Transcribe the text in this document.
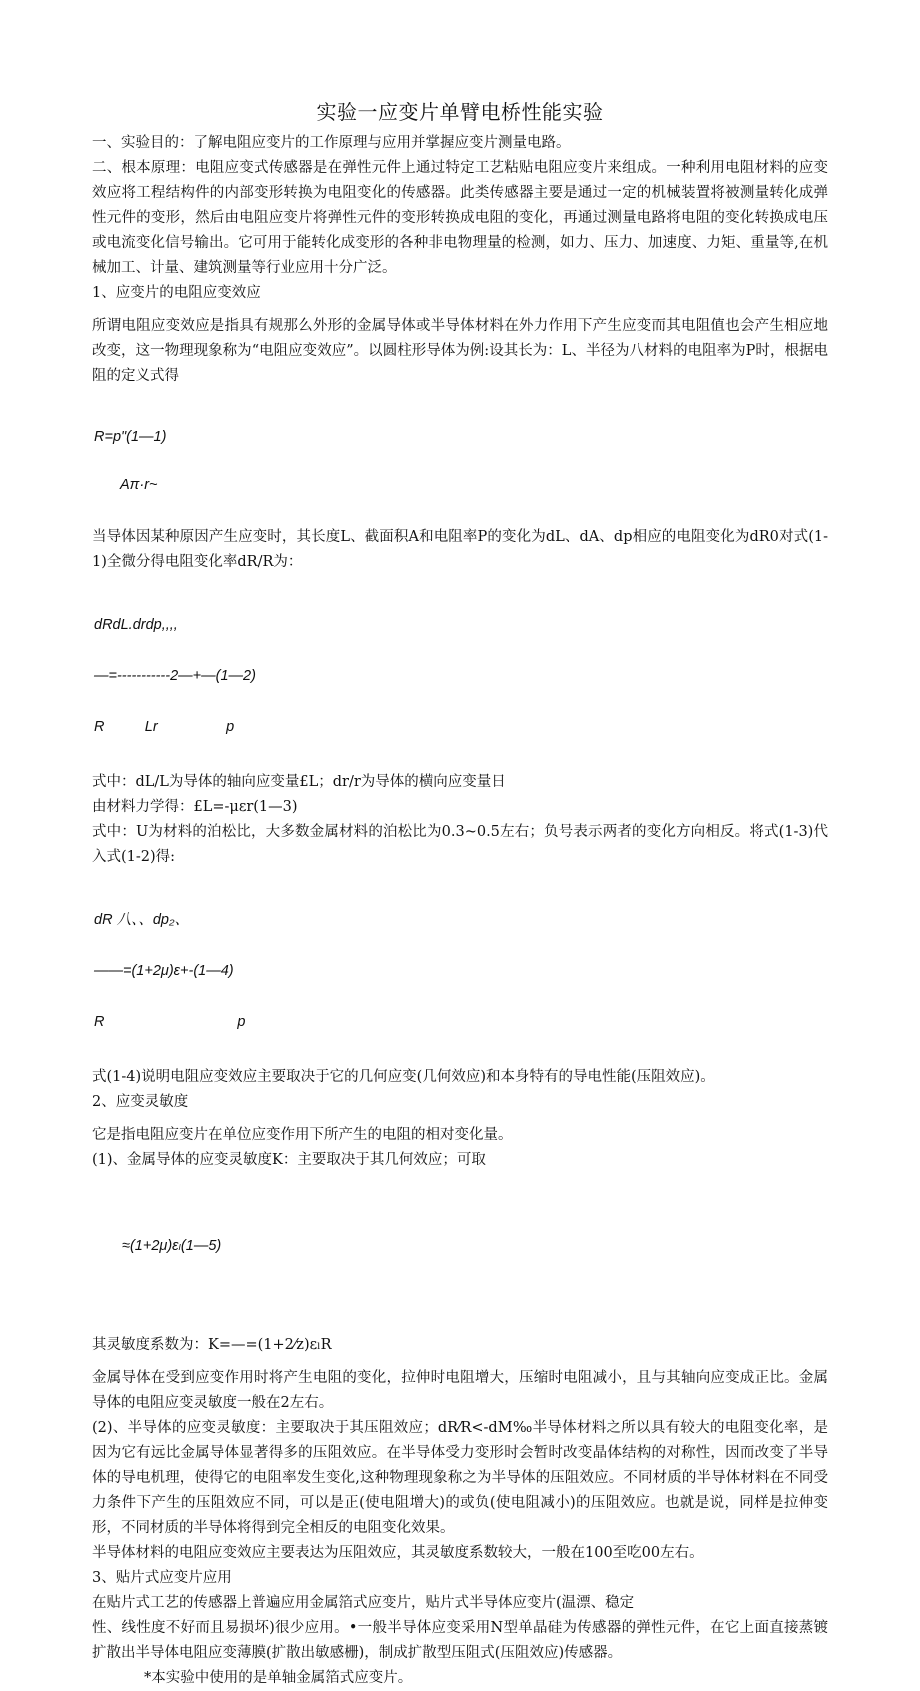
实验一应变片单臂电桥性能实验

一、实验目的：了解电阻应变片的工作原理与应用并掌握应变片测量电路。

二、根本原理：电阻应变式传感器是在弹性元件上通过特定工艺粘贴电阻应变片来组成。一种利用电阻材料的应变效应将工程结构件的内部变形转换为电阻变化的传感器。此类传感器主要是通过一定的机械装置将被测量转化成弹性元件的变形，然后由电阻应变片将弹性元件的变形转换成电阻的变化，再通过测量电路将电阻的变化转换成电压或电流变化信号输出。它可用于能转化成变形的各种非电物理量的检测，如力、压力、加速度、力矩、重量等,在机械加工、计量、建筑测量等行业应用十分广泛。

1、应变片的电阻应变效应

所谓电阻应变效应是指具有规那么外形的金属导体或半导体材料在外力作用下产生应变而其电阻值也会产生相应地改变，这一物理现象称为“电阻应变效应”。以圆柱形导体为例:设其长为：L、半径为八材料的电阻率为P时，根据电阻的定义式得

R=p"(1—1)

Aπ·r~

当导体因某种原因产生应变时，其长度L、截面积A和电阻率P的变化为dL、dA、dp相应的电阻变化为dR0对式(1-1)全微分得电阻变化率dR/R为：

dRdL.drdp,,,,

—=-----------2—+—(1—2)

R          Lr                 p

式中：dL/L为导体的轴向应变量£L；dr/r为导体的横向应变量日

由材料力学得：£L=-μεr(1—3)

式中：U为材料的泊松比，大多数金属材料的泊松比为0.3~0.5左右；负号表示两者的变化方向相反。将式(1-3)代入式(1-2)得:

dR 八、、dp₂、

——=(1+2μ)ε+-(1—4)

R                                 p

式(1-4)说明电阻应变效应主要取决于它的几何应变(几何效应)和本身特有的导电性能(压阻效应)。

2、应变灵敏度

它是指电阻应变片在单位应变作用下所产生的电阻的相对变化量。

(1)、金属导体的应变灵敏度K：主要取决于其几何效应；可取

≈(1+2μ)εₗ(1—5)

其灵敏度系数为：K=—=(1+2⁄z)εₗR

金属导体在受到应变作用时将产生电阻的变化，拉伸时电阻增大，压缩时电阻减小，且与其轴向应变成正比。金属导体的电阻应变灵敏度一般在2左右。

(2)、半导体的应变灵敏度：主要取决于其压阻效应；dR⁄R<-dM‰半导体材料之所以具有较大的电阻变化率，是因为它有远比金属导体显著得多的压阻效应。在半导体受力变形时会暂时改变晶体结构的对称性，因而改变了半导体的导电机理，使得它的电阻率发生变化,这种物理现象称之为半导体的压阻效应。不同材质的半导体材料在不同受力条件下产生的压阻效应不同，可以是正(使电阻增大)的或负(使电阻减小)的压阻效应。也就是说，同样是拉伸变形，不同材质的半导体将得到完全相反的电阻变化效果。

半导体材料的电阻应变效应主要表达为压阻效应，其灵敏度系数较大，一般在100至吃00左右。

3、贴片式应变片应用

在贴片式工艺的传感器上普遍应用金属箔式应变片，贴片式半导体应变片(温漂、稳定

性、线性度不好而且易损坏)很少应用。•一般半导体应变采用N型单晶硅为传感器的弹性元件，在它上面直接蒸镀扩散出半导体电阻应变薄膜(扩散出敏感栅)，制成扩散型压阻式(压阻效应)传感器。

*本实验中使用的是单轴金属箔式应变片。
